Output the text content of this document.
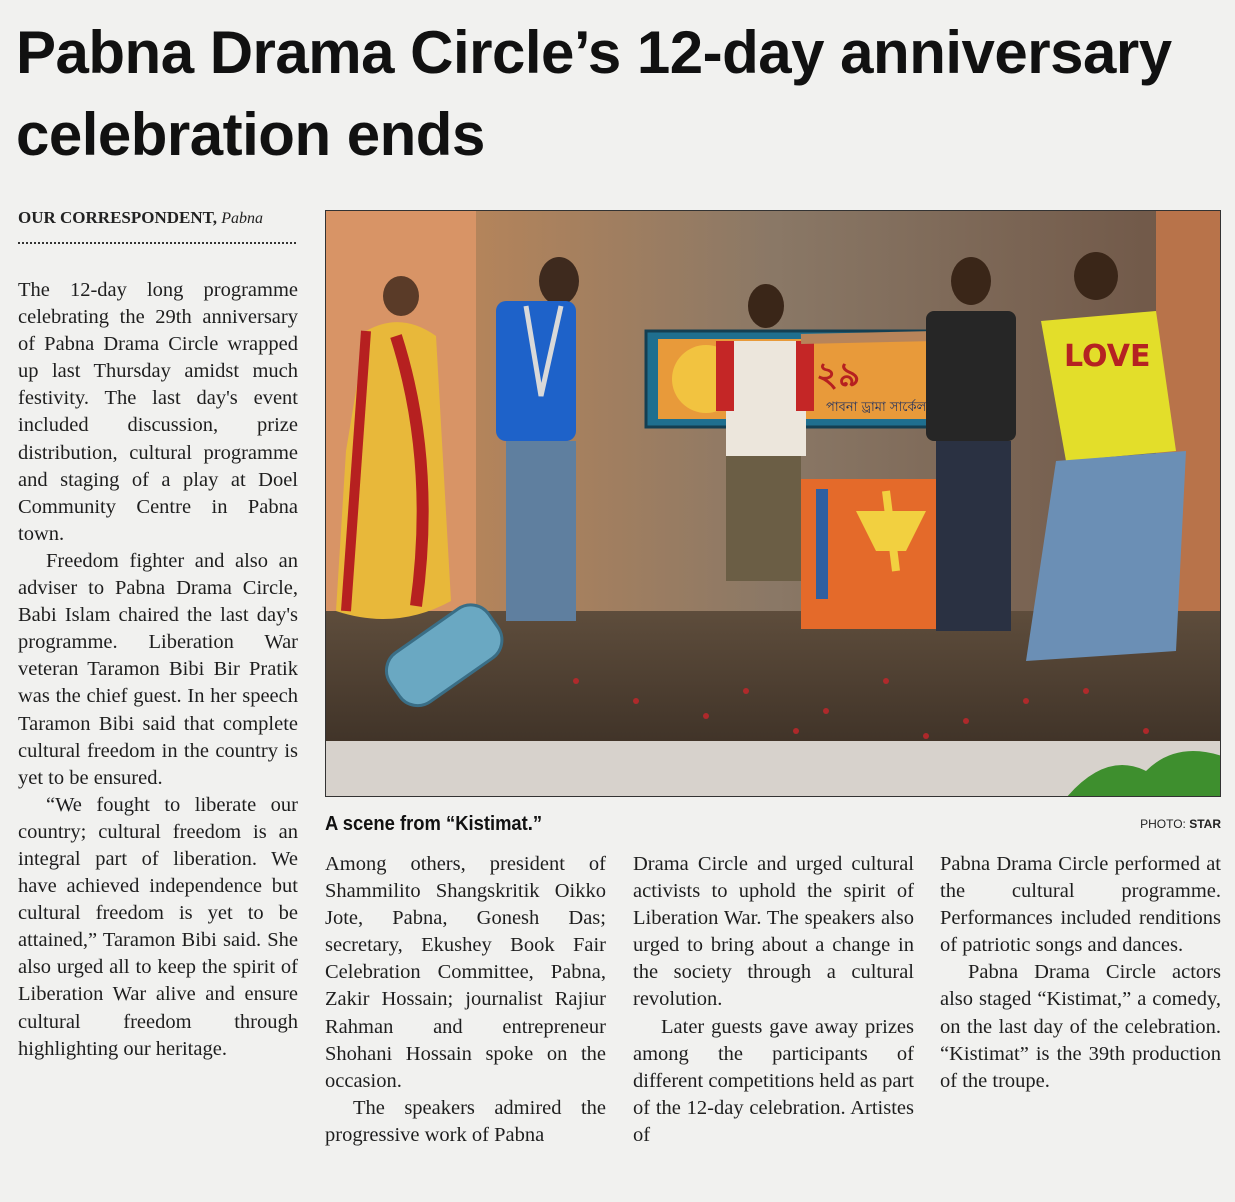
Pabna Drama Circle’s 12-day anniversary celebration ends
OUR CORRESPONDENT, Pabna

The 12-day long programme celebrating the 29th anniversary of Pabna Drama Circle wrapped up last Thursday amidst much festivity. The last day's event included discussion, prize distribution, cultural programme and staging of a play at Doel Community Centre in Pabna town.

Freedom fighter and also an adviser to Pabna Drama Circle, Babi Islam chaired the last day's programme. Liberation War veteran Taramon Bibi Bir Pratik was the chief guest. In her speech Taramon Bibi said that complete cultural freedom in the country is yet to be ensured.

“We fought to liberate our country; cultural freedom is an integral part of liberation. We have achieved independence but cultural freedom is yet to be attained,” Taramon Bibi said. She also urged all to keep the spirit of Liberation War alive and ensure cultural freedom through highlighting our heritage.

২৯
পাবনা ড্রামা সার্কেল
LOVE
A scene from “Kistimat.”	PHOTO: STAR

Among others, president of Shammilito Shangskritik Oikko Jote, Pabna, Gonesh Das; secretary, Ekushey Book Fair Celebration Committee, Pabna, Zakir Hossain; journalist Rajiur Rahman and entrepreneur Shohani Hossain spoke on the occasion.

The speakers admired the progressive work of Pabna

Drama Circle and urged cultural activists to uphold the spirit of Liberation War. The speakers also urged to bring about a change in the society through a cultural revolution.

Later guests gave away prizes among the participants of different competitions held as part of the 12-day celebration. Artistes of

Pabna Drama Circle performed at the cultural programme. Performances included renditions of patriotic songs and dances.

Pabna Drama Circle actors also staged “Kistimat,” a comedy, on the last day of the celebration. “Kistimat” is the 39th production of the troupe.
